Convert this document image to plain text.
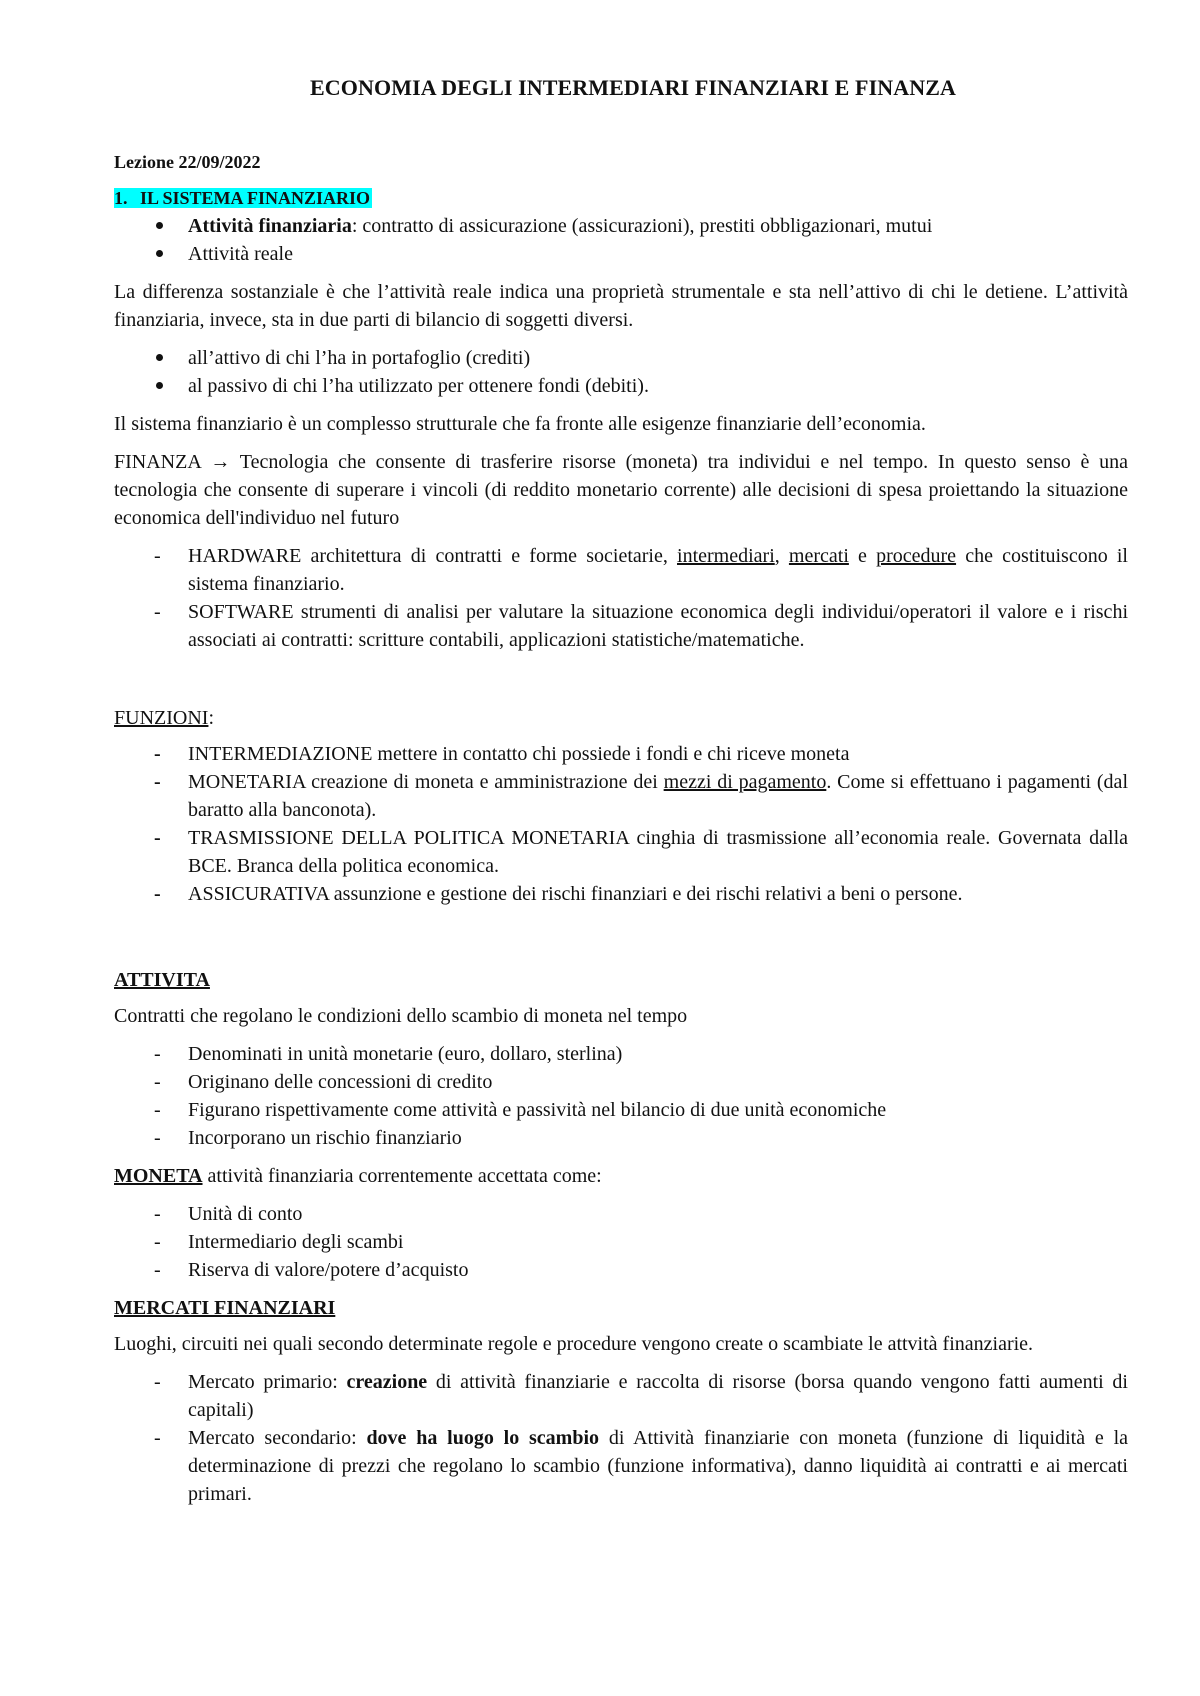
ECONOMIA DEGLI INTERMEDIARI FINANZIARI E FINANZA
Lezione 22/09/2022
1. IL SISTEMA FINANZIARIO
Attività finanziaria: contratto di assicurazione (assicurazioni), prestiti obbligazionari, mutui
Attività reale

La differenza sostanziale è che l’attività reale indica una proprietà strumentale e sta nell’attivo di chi le detiene. L’attività finanziaria, invece, sta in due parti di bilancio di soggetti diversi.

all’attivo di chi l’ha in portafoglio (crediti)
al passivo di chi l’ha utilizzato per ottenere fondi (debiti).

Il sistema finanziario è un complesso strutturale che fa fronte alle esigenze finanziarie dell’economia.

FINANZA → Tecnologia che consente di trasferire risorse (moneta) tra individui e nel tempo. In questo senso è una tecnologia che consente di superare i vincoli (di reddito monetario corrente) alle decisioni di spesa proiettando la situazione economica dell'individuo nel futuro

- HARDWARE architettura di contratti e forme societarie, intermediari, mercati e procedure che costituiscono il sistema finanziario.
- SOFTWARE strumenti di analisi per valutare la situazione economica degli individui/operatori il valore e i rischi associati ai contratti: scritture contabili, applicazioni statistiche/matematiche.
FUNZIONI:
- INTERMEDIAZIONE mettere in contatto chi possiede i fondi e chi riceve moneta
- MONETARIA creazione di moneta e amministrazione dei mezzi di pagamento. Come si effettuano i pagamenti (dal baratto alla banconota).
- TRASMISSIONE DELLA POLITICA MONETARIA cinghia di trasmissione all’economia reale. Governata dalla BCE. Branca della politica economica.
- ASSICURATIVA assunzione e gestione dei rischi finanziari e dei rischi relativi a beni o persone.
ATTIVITA

Contratti che regolano le condizioni dello scambio di moneta nel tempo

- Denominati in unità monetarie (euro, dollaro, sterlina)
- Originano delle concessioni di credito
- Figurano rispettivamente come attività e passività nel bilancio di due unità economiche
- Incorporano un rischio finanziario

MONETA attività finanziaria correntemente accettata come:

- Unità di conto
- Intermediario degli scambi
- Riserva di valore/potere d’acquisto
MERCATI FINANZIARI

Luoghi, circuiti nei quali secondo determinate regole e procedure vengono create o scambiate le attvità finanziarie.

- Mercato primario: creazione di attività finanziarie e raccolta di risorse (borsa quando vengono fatti aumenti di capitali)
- Mercato secondario: dove ha luogo lo scambio di Attività finanziarie con moneta (funzione di liquidità e la determinazione di prezzi che regolano lo scambio (funzione informativa), danno liquidità ai contratti e ai mercati primari.
